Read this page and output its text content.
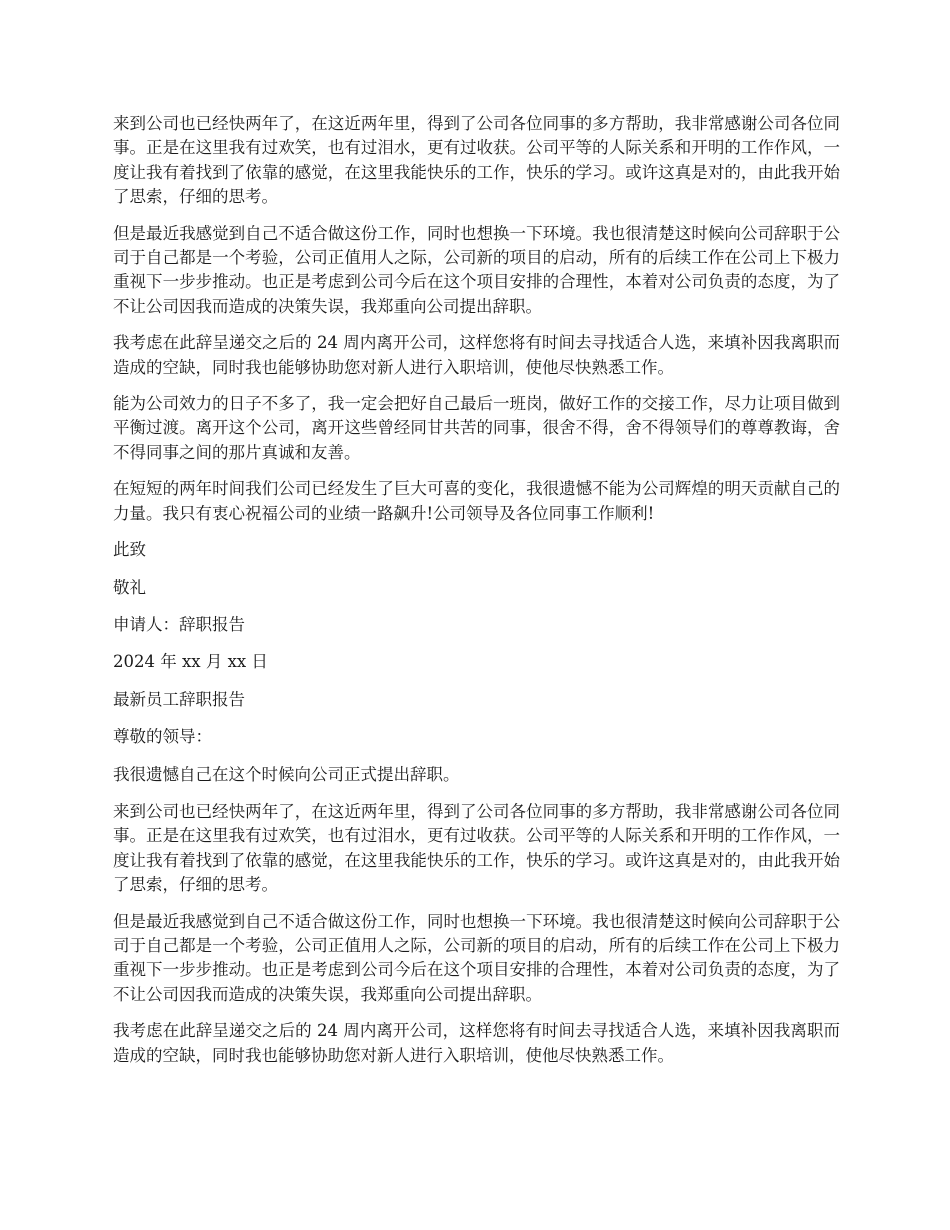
来到公司也已经快两年了，在这近两年里，得到了公司各位同事的多方帮助，我非常感谢公司各位同事。正是在这里我有过欢笑，也有过泪水，更有过收获。公司平等的人际关系和开明的工作作风，一度让我有着找到了依靠的感觉，在这里我能快乐的工作，快乐的学习。或许这真是对的，由此我开始了思索，仔细的思考。

但是最近我感觉到自己不适合做这份工作，同时也想换一下环境。我也很清楚这时候向公司辞职于公司于自己都是一个考验，公司正值用人之际，公司新的项目的启动，所有的后续工作在公司上下极力重视下一步步推动。也正是考虑到公司今后在这个项目安排的合理性，本着对公司负责的态度，为了不让公司因我而造成的决策失误，我郑重向公司提出辞职。

我考虑在此辞呈递交之后的 24 周内离开公司，这样您将有时间去寻找适合人选，来填补因我离职而造成的空缺，同时我也能够协助您对新人进行入职培训，使他尽快熟悉工作。

能为公司效力的日子不多了，我一定会把好自己最后一班岗，做好工作的交接工作，尽力让项目做到平衡过渡。离开这个公司，离开这些曾经同甘共苦的同事，很舍不得，舍不得领导们的尊尊教诲，舍不得同事之间的那片真诚和友善。

在短短的两年时间我们公司已经发生了巨大可喜的变化，我很遗憾不能为公司辉煌的明天贡献自己的力量。我只有衷心祝福公司的业绩一路飙升!公司领导及各位同事工作顺利!

此致

敬礼

申请人：辞职报告

2024 年 xx 月 xx 日

最新员工辞职报告

尊敬的领导：

我很遗憾自己在这个时候向公司正式提出辞职。

来到公司也已经快两年了，在这近两年里，得到了公司各位同事的多方帮助，我非常感谢公司各位同事。正是在这里我有过欢笑，也有过泪水，更有过收获。公司平等的人际关系和开明的工作作风，一度让我有着找到了依靠的感觉，在这里我能快乐的工作，快乐的学习。或许这真是对的，由此我开始了思索，仔细的思考。

但是最近我感觉到自己不适合做这份工作，同时也想换一下环境。我也很清楚这时候向公司辞职于公司于自己都是一个考验，公司正值用人之际，公司新的项目的启动，所有的后续工作在公司上下极力重视下一步步推动。也正是考虑到公司今后在这个项目安排的合理性，本着对公司负责的态度，为了不让公司因我而造成的决策失误，我郑重向公司提出辞职。

我考虑在此辞呈递交之后的 24 周内离开公司，这样您将有时间去寻找适合人选，来填补因我离职而造成的空缺，同时我也能够协助您对新人进行入职培训，使他尽快熟悉工作。
